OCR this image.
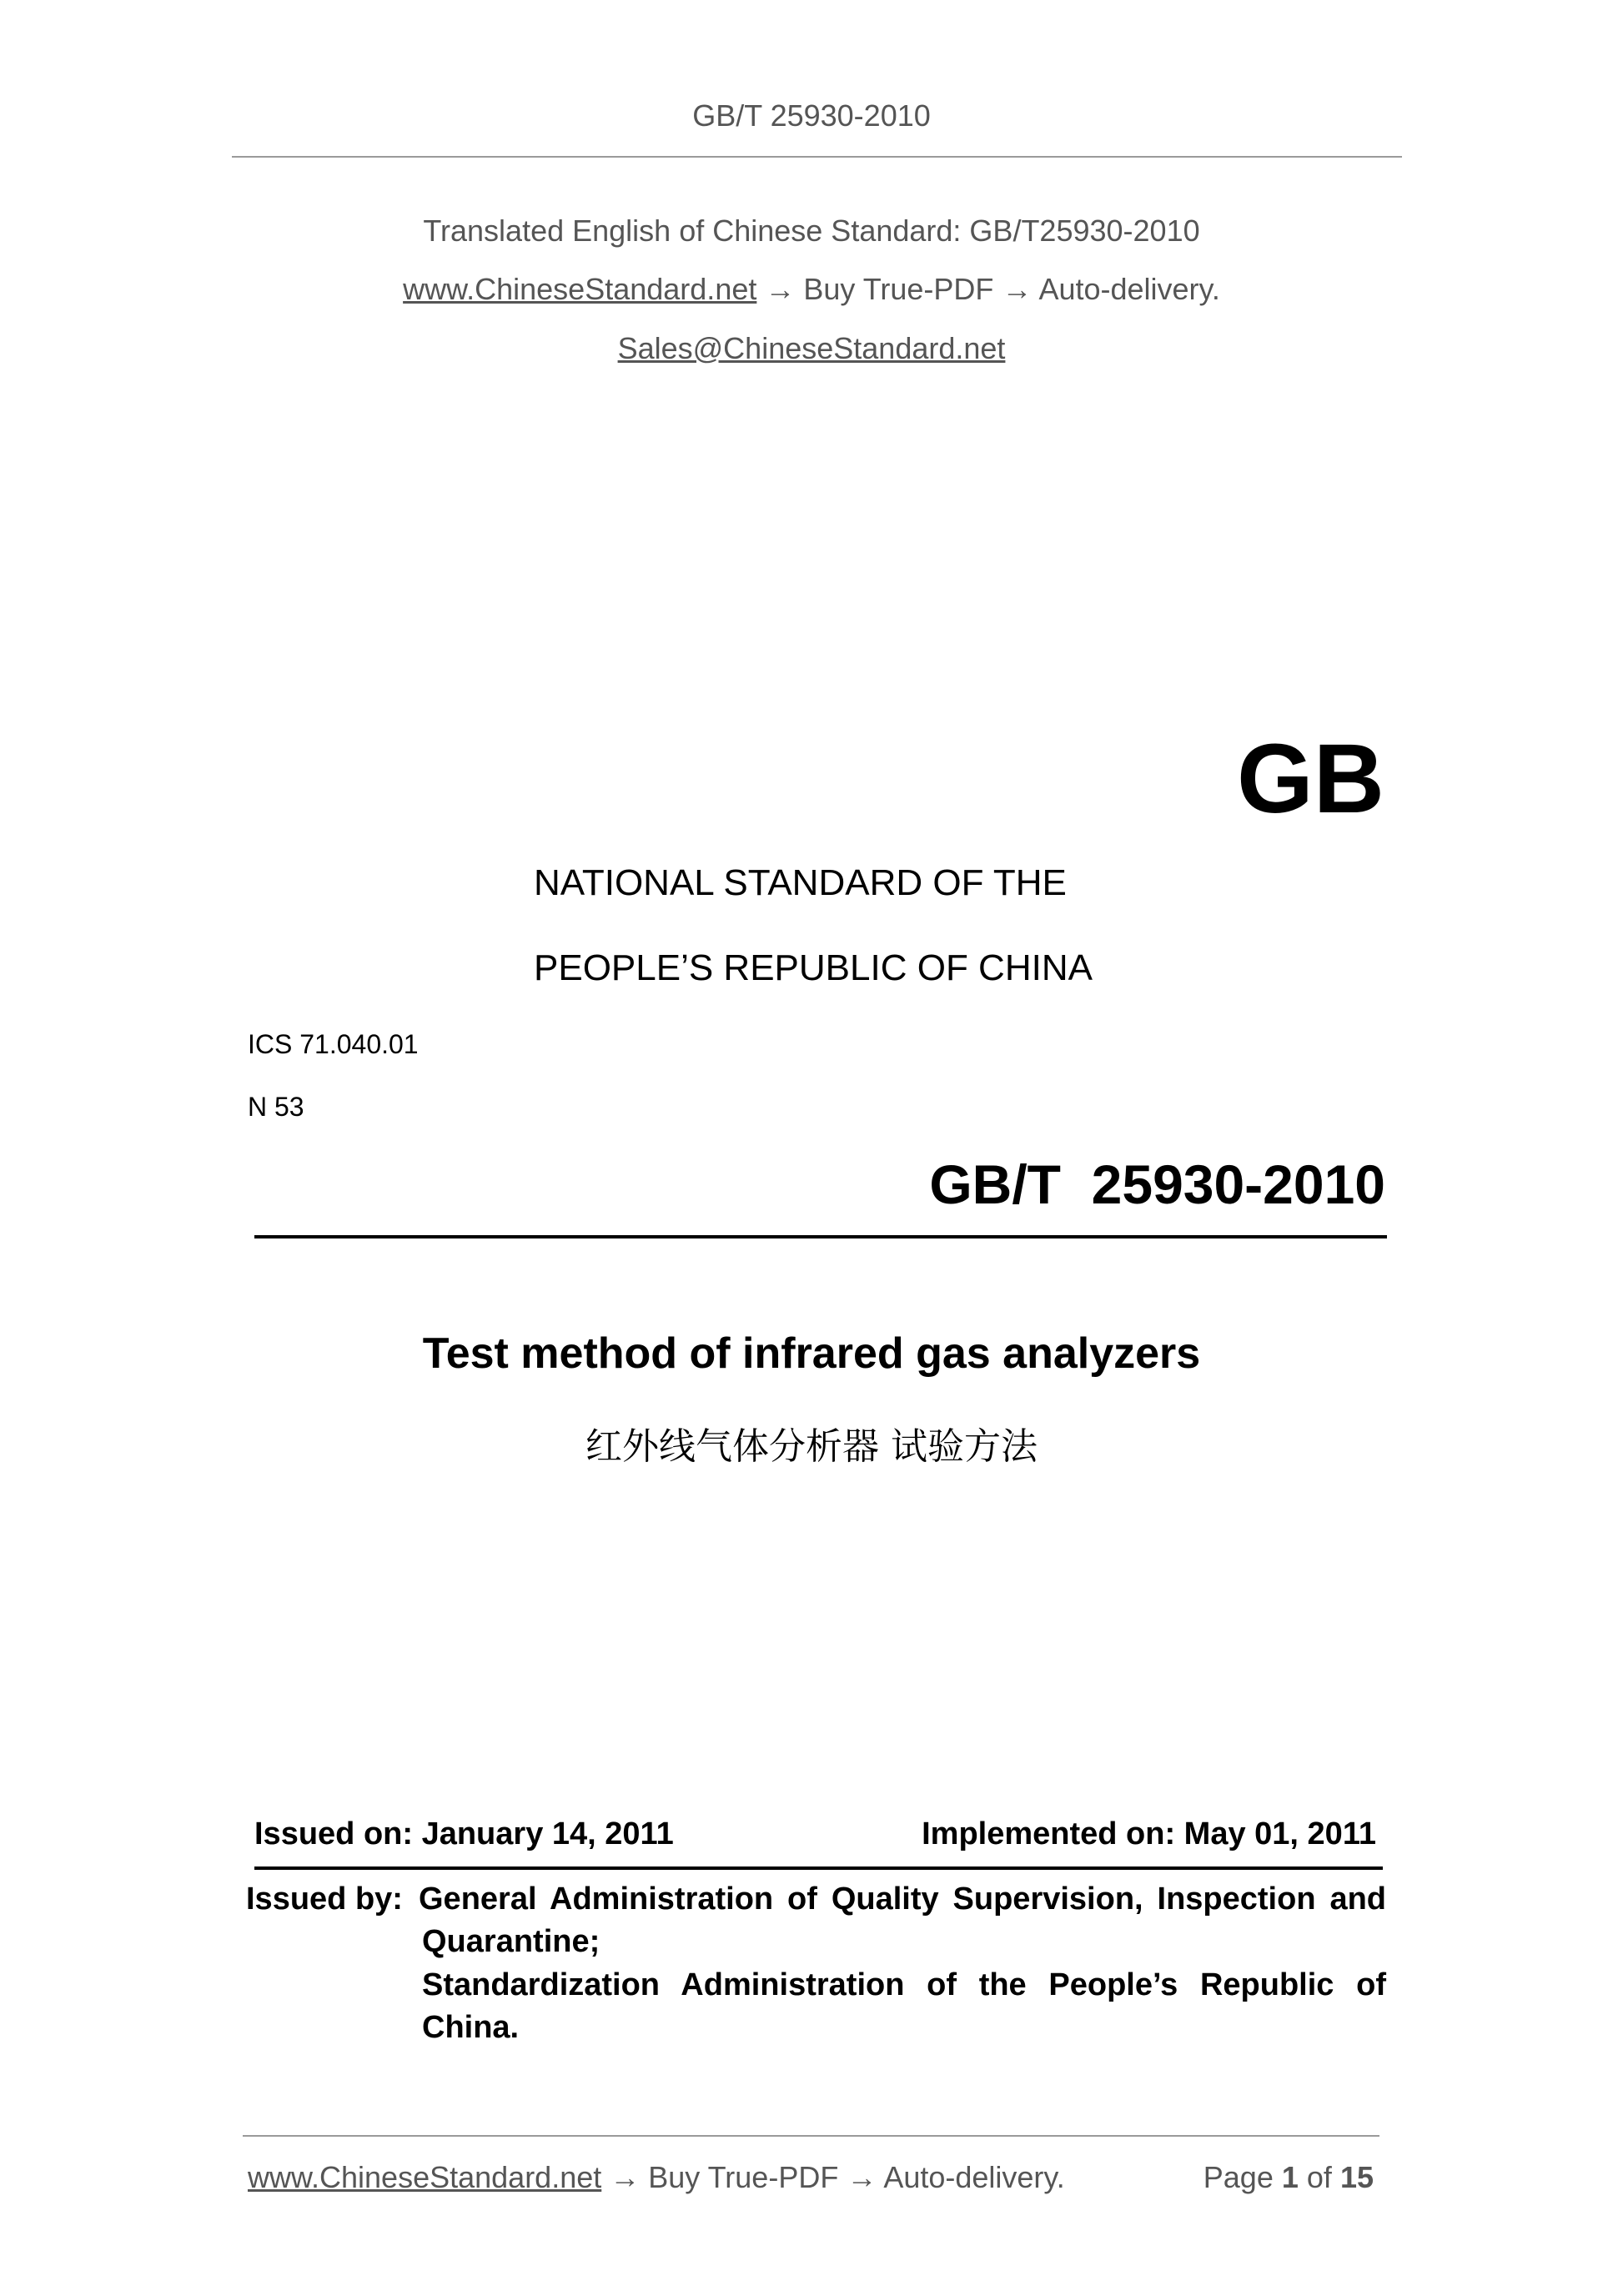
GB/T 25930-2010
Translated English of Chinese Standard: GB/T25930-2010
www.ChineseStandard.net → Buy True-PDF → Auto-delivery.
Sales@ChineseStandard.net
GB
NATIONAL STANDARD OF THE
PEOPLE’S REPUBLIC OF CHINA
ICS 71.040.01
N 53
GB/T  25930-2010
Test method of infrared gas analyzers
红外线气体分析器 试验方法
Issued on: January 14, 2011	Implemented on: May 01, 2011
Issued by: General Administration of Quality Supervision, Inspection and
Quarantine;
Standardization Administration of the People’s Republic of
China.
www.ChineseStandard.net → Buy True-PDF → Auto-delivery.	Page 1 of 15
